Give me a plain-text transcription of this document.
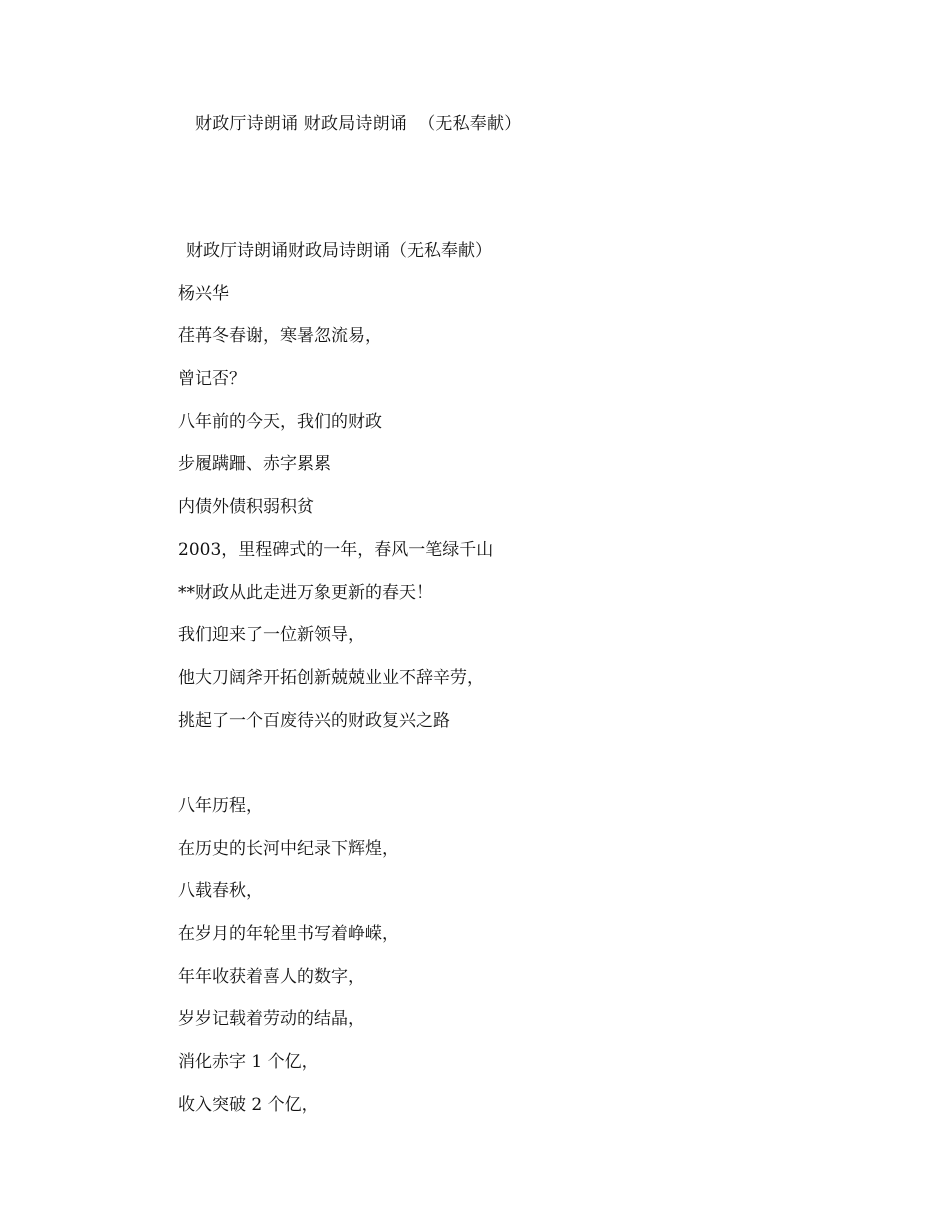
财政厅诗朗诵 财政局诗朗诵  （无私奉献）
财政厅诗朗诵财政局诗朗诵（无私奉献）
杨兴华
荏苒冬春谢，寒暑忽流易，
曾记否？
八年前的今天，我们的财政
步履蹒跚、赤字累累
内债外债积弱积贫
2003，里程碑式的一年，春风一笔绿千山
**财政从此走进万象更新的春天！
我们迎来了一位新领导，
他大刀阔斧开拓创新兢兢业业不辞辛劳，
挑起了一个百废待兴的财政复兴之路
八年历程，
在历史的长河中纪录下辉煌，
八载春秋，
在岁月的年轮里书写着峥嵘，
年年收获着喜人的数字，
岁岁记载着劳动的结晶，
消化赤字 1 个亿，
收入突破 2 个亿，
